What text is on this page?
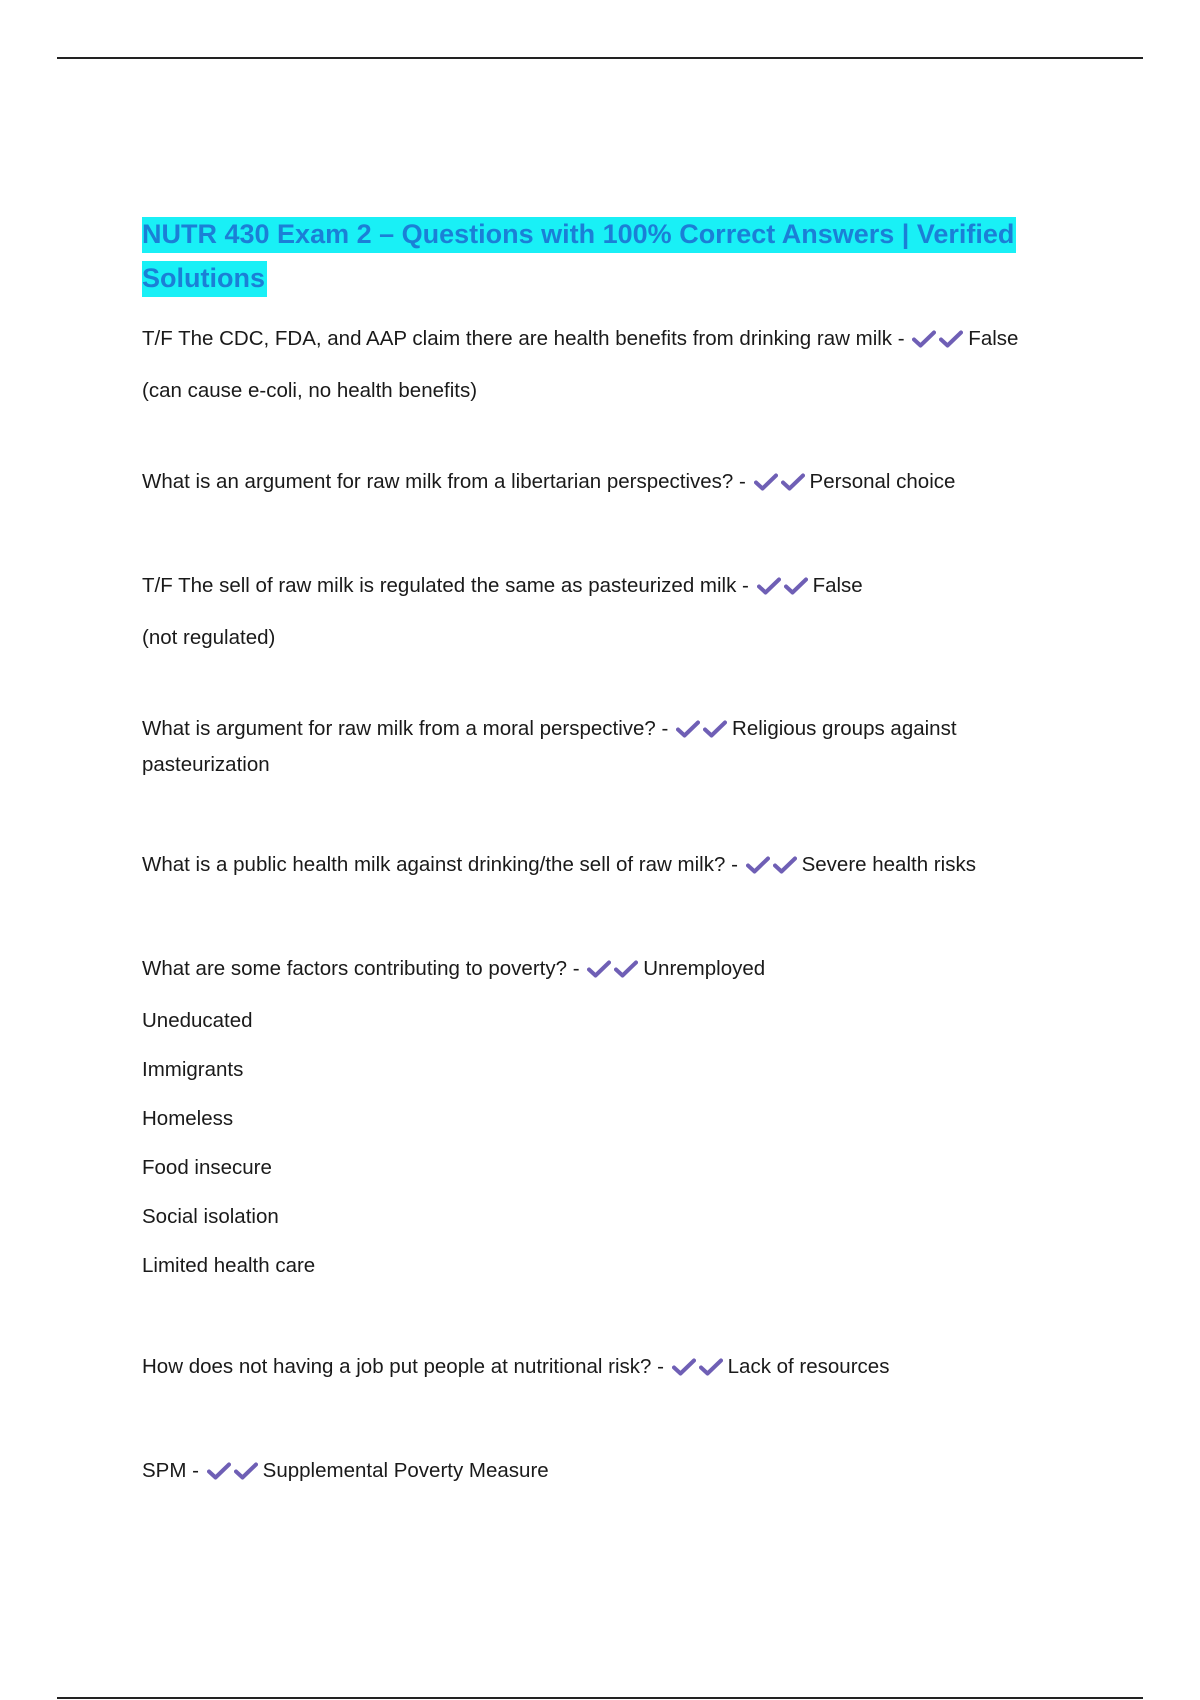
NUTR 430 Exam 2 – Questions with 100% Correct Answers | Verified Solutions
T/F The CDC, FDA, and AAP claim there are health benefits from drinking raw milk -	False
(can cause e-coli, no health benefits)
What is an argument for raw milk from a libertarian perspectives? -	Personal choice
T/F The sell of raw milk is regulated the same as pasteurized milk -	False
(not regulated)
What is argument for raw milk from a moral perspective? -	Religious groups against pasteurization
What is a public health milk against drinking/the sell of raw milk? -	Severe health risks
What are some factors contributing to poverty? -	Unremployed
Uneducated
Immigrants
Homeless
Food insecure
Social isolation
Limited health care
How does not having a job put people at nutritional risk? -	Lack of resources
SPM -	Supplemental Poverty Measure
